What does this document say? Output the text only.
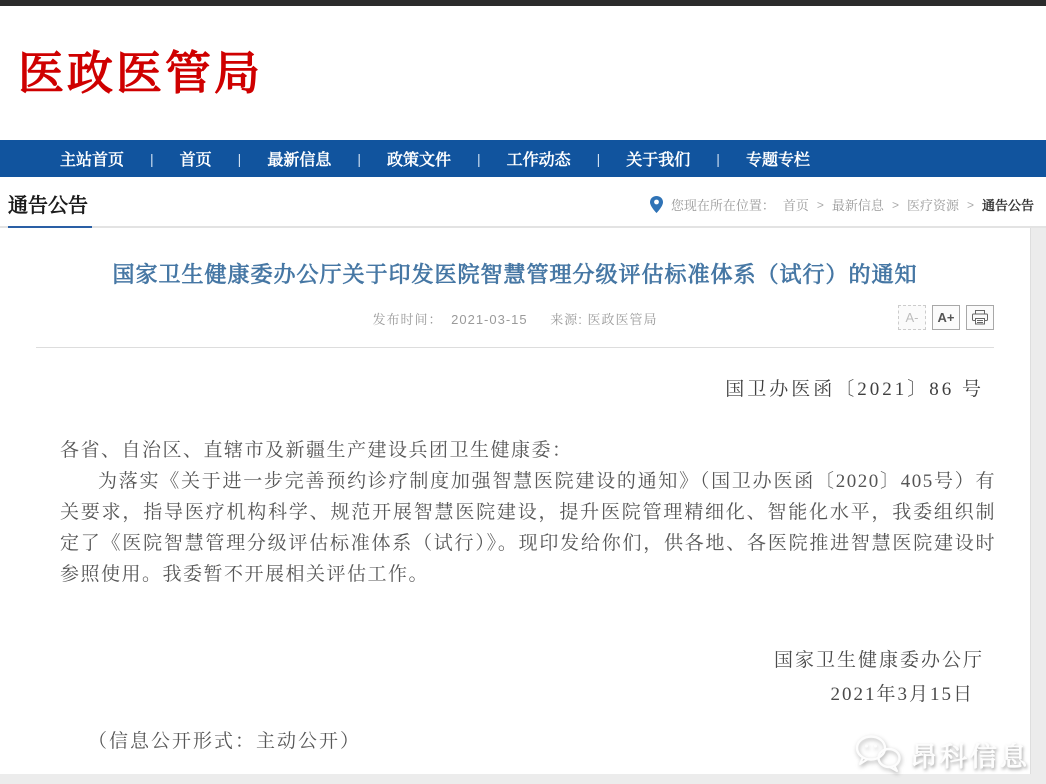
医政医管局
主站首页	|	首页	|	最新信息	|	政策文件	|	工作动态	|	关于我们	|	专题专栏
通告公告	您现在所在位置： 首页 > 最新信息 > 医疗资源 > 通告公告
国家卫生健康委办公厅关于印发医院智慧管理分级评估标准体系（试行）的通知
发布时间： 2021-03-15 来源: 医政医管局	A-	A+
国卫办医函〔2021〕86 号

各省、自治区、直辖市及新疆生产建设兵团卫生健康委：

为落实《关于进一步完善预约诊疗制度加强智慧医院建设的通知》（国卫办医函〔2020〕405号）有关要求，指导医疗机构科学、规范开展智慧医院建设，提升医院管理精细化、智能化水平，我委组织制定了《医院智慧管理分级评估标准体系（试行）》。现印发给你们，供各地、各医院推进智慧医院建设时参照使用。我委暂不开展相关评估工作。

国家卫生健康委办公厅
2021年3月15日
（信息公开形式：主动公开）	昂科信息
